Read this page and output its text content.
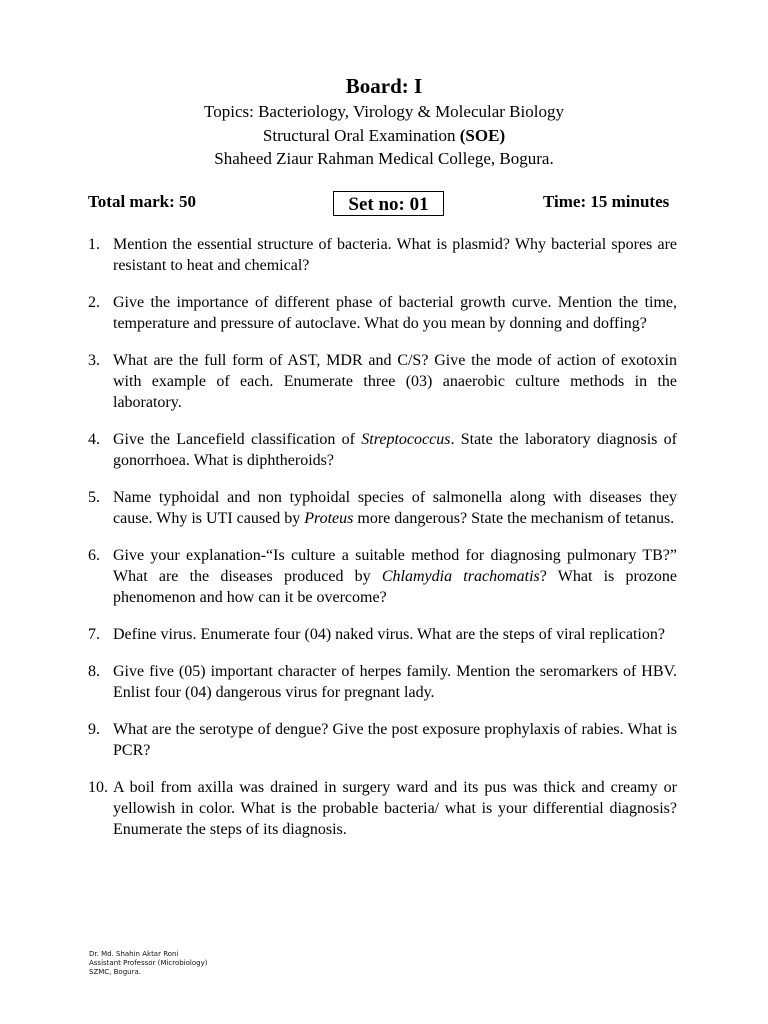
Board: I
Topics: Bacteriology, Virology & Molecular Biology
Structural Oral Examination (SOE)
Shaheed Ziaur Rahman Medical College, Bogura.
Total mark: 50	Set no: 01	Time: 15 minutes
1. Mention the essential structure of bacteria. What is plasmid? Why bacterial spores are resistant to heat and chemical?
2. Give the importance of different phase of bacterial growth curve. Mention the time, temperature and pressure of autoclave. What do you mean by donning and doffing?
3. What are the full form of AST, MDR and C/S? Give the mode of action of exotoxin with example of each. Enumerate three (03) anaerobic culture methods in the laboratory.
4. Give the Lancefield classification of Streptococcus. State the laboratory diagnosis of gonorrhoea. What is diphtheroids?
5. Name typhoidal and non typhoidal species of salmonella along with diseases they cause. Why is UTI caused by Proteus more dangerous? State the mechanism of tetanus.
6. Give your explanation-“Is culture a suitable method for diagnosing pulmonary TB?” What are the diseases produced by Chlamydia trachomatis? What is prozone phenomenon and how can it be overcome?
7. Define virus. Enumerate four (04) naked virus. What are the steps of viral replication?
8. Give five (05) important character of herpes family. Mention the seromarkers of HBV. Enlist four (04) dangerous virus for pregnant lady.
9. What are the serotype of dengue? Give the post exposure prophylaxis of rabies. What is PCR?
10. A boil from axilla was drained in surgery ward and its pus was thick and creamy or yellowish in color. What is the probable bacteria/ what is your differential diagnosis? Enumerate the steps of its diagnosis.
Dr. Md. Shahin Aktar Roni
Assistant Professor (Microbiology)
SZMC, Bogura.
